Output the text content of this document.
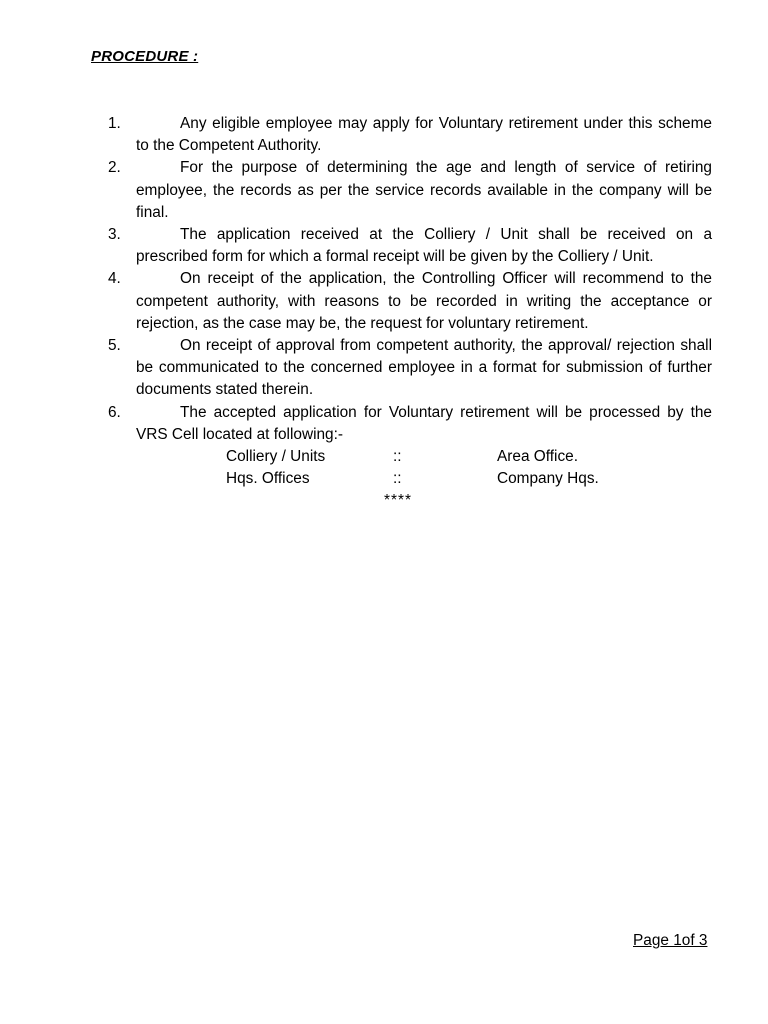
PROCEDURE :
1.	Any eligible employee may apply for Voluntary retirement under this scheme to the Competent Authority.
2.	For the purpose of determining the age and length of service of retiring employee, the records as per the service records available in the company will be final.
3.	The application received at the Colliery / Unit shall be received on a prescribed form for which a formal receipt will be given by the Colliery / Unit.
4.	On receipt of the application, the Controlling Officer will recommend to the competent authority, with reasons to be recorded in writing the acceptance or rejection, as the case may be, the request for voluntary retirement.
5.	On receipt of approval from competent authority, the approval/ rejection shall be communicated to the concerned employee in a format for submission of further documents stated therein.
6.	The accepted application for Voluntary retirement will be processed by the VRS Cell located at following:-
Colliery / Units	::	Area Office.
Hqs. Offices	::	Company Hqs.
****
Page 1of 3
